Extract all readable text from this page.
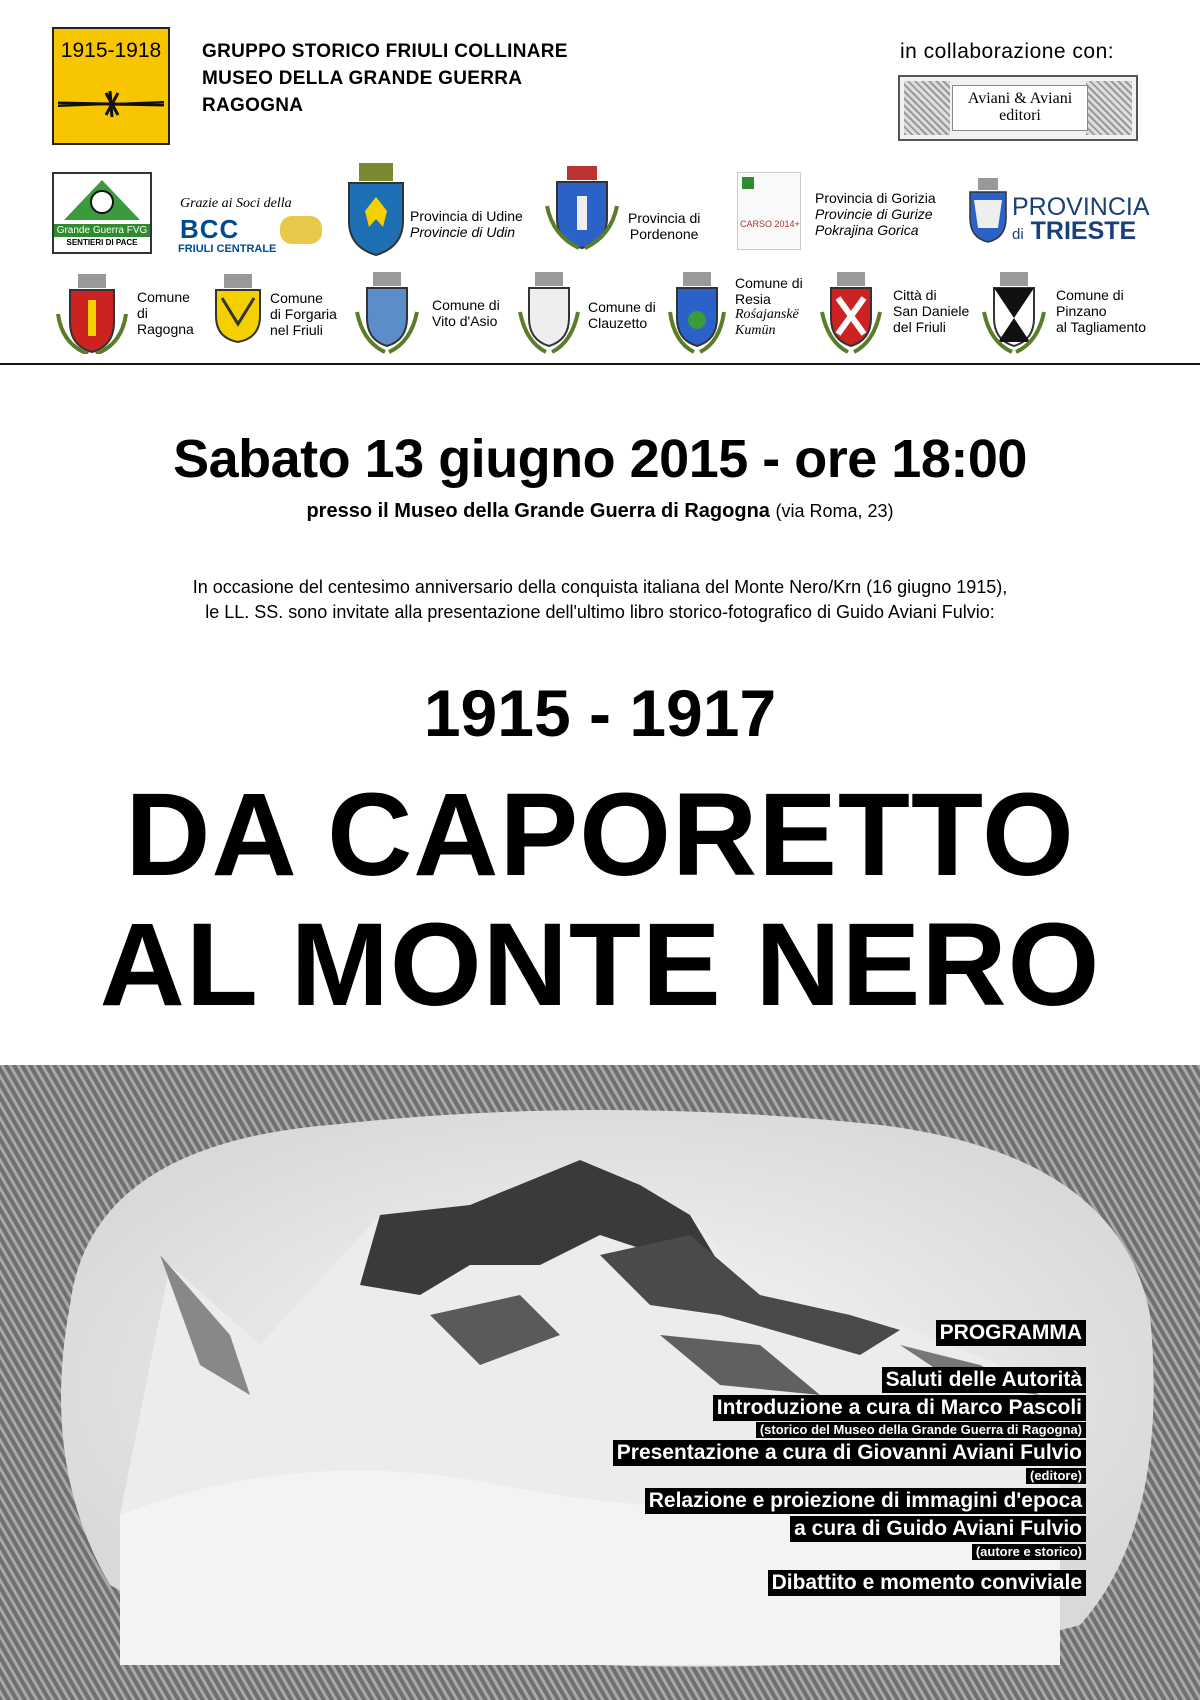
1915-1918	GRUPPO STORICO FRIULI COLLINARE
MUSEO DELLA GRANDE GUERRA
RAGOGNA
in collaborazione con:
Aviani & Aviani
editori
Grande Guerra FVG
SENTIERI DI PACE
Grazie ai Soci della
BCC
FRIULI CENTRALE
Provincia di Udine
Provincie di Udin
Provincia di
Pordenone
CARSO 2014+
Provincia di Gorizia
Provincie di Gurize
Pokrajina Gorica
PROVINCIA
di TRIESTE
Comune
di
Ragogna
Comune
di Forgaria
nel Friuli
Comune di
Vito d'Asio
Comune di
Clauzetto
Comune di
Resia
Rośajanskë
Kumün
Città di
San Daniele
del Friuli
Comune di
Pinzano
al Tagliamento
Sabato 13 giugno 2015 - ore 18:00
presso il Museo della Grande Guerra di Ragogna (via Roma, 23)
In occasione del centesimo anniversario della conquista italiana del Monte Nero/Krn (16 giugno 1915),
le LL. SS. sono invitate alla presentazione dell'ultimo libro storico-fotografico di Guido Aviani Fulvio:
1915 - 1917
DA CAPORETTO
AL MONTE NERO
PROGRAMMA
Saluti delle Autorità
Introduzione a cura di Marco Pascoli
(storico del Museo della Grande Guerra di Ragogna)
Presentazione a cura di Giovanni Aviani Fulvio
(editore)
Relazione e proiezione di immagini d'epoca
a cura di Guido Aviani Fulvio
(autore e storico)
Dibattito e momento conviviale
